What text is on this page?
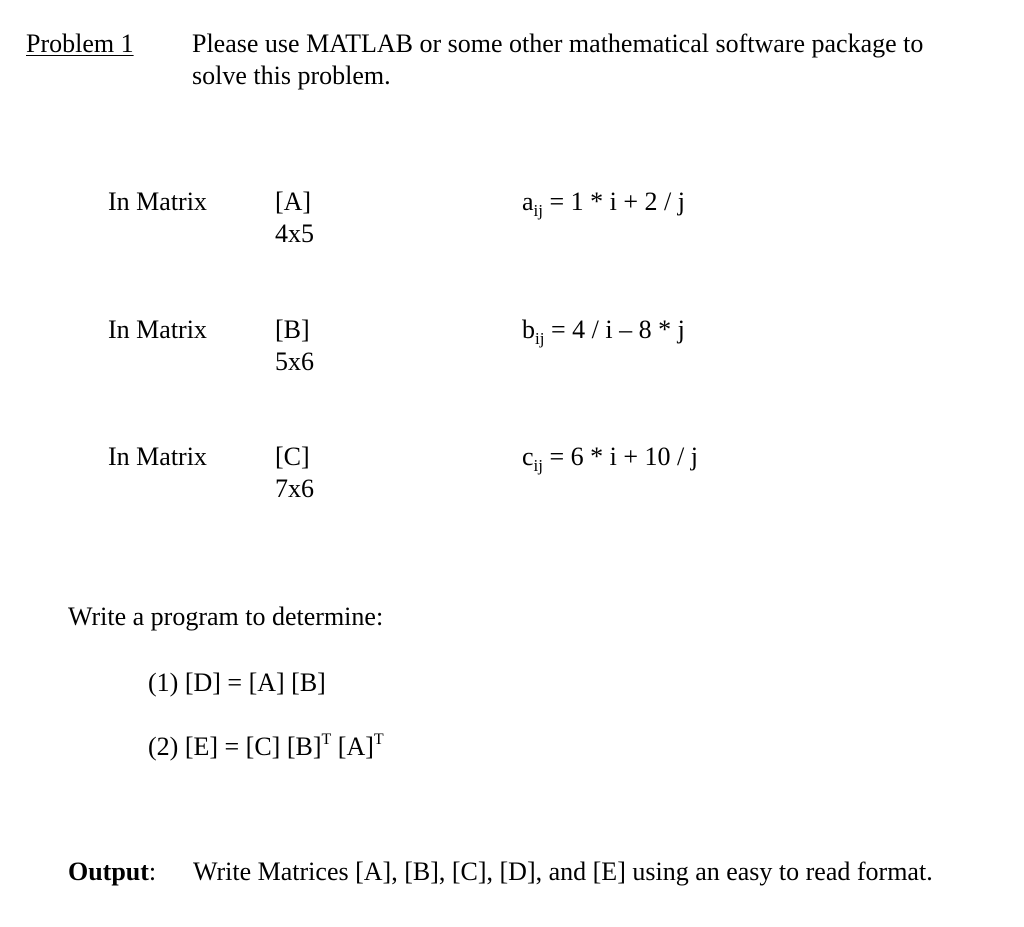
Problem 1 Please use MATLAB or some other mathematical software package to
solve this problem.
In Matrix	[A]
4x5
$a_{ij} = 1 * i + 2 / j$
In Matrix	[B]
5x6
$b_{ij} = 4 / i - 8 * j$
In Matrix	[C]
7x6
$c_{ij} = 6 * i + 10 / j$
Write a program to determine:
(1) [D] = [A] [B]
(2) [E] = [C] $[B]^T$ $[A]^T$
Output: Write Matrices [A], [B], [C], [D], and [E] using an easy to read format.
